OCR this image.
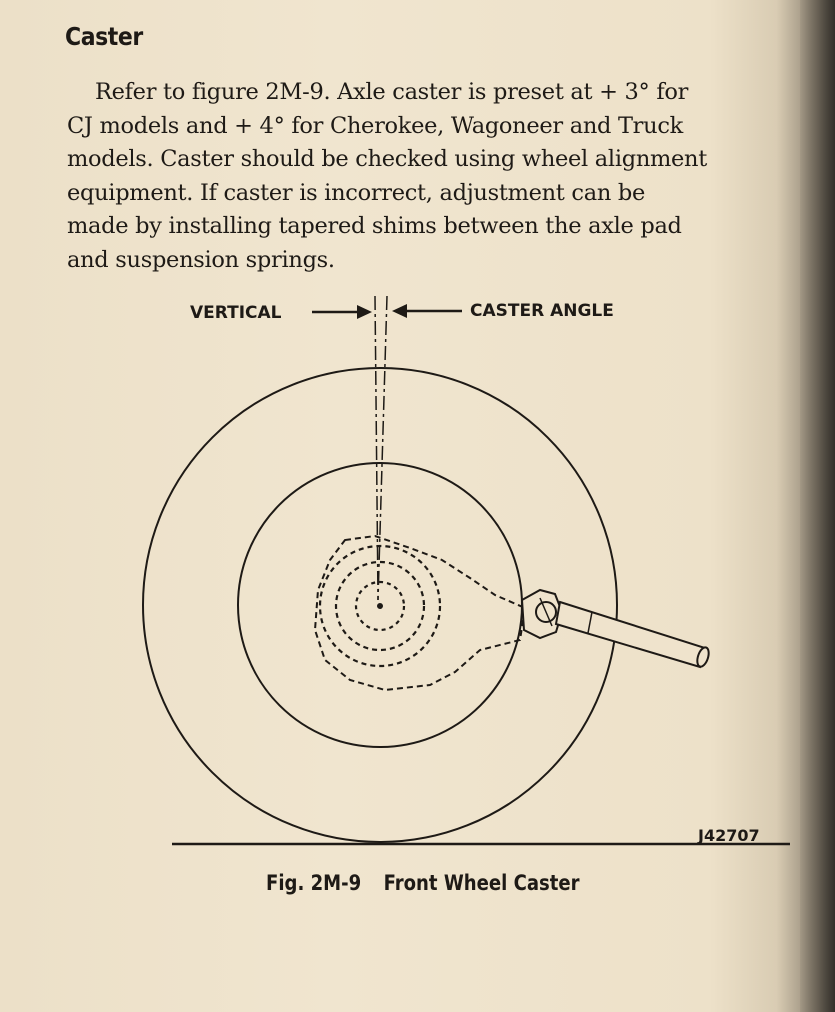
Caster

Refer to figure 2M-9. Axle caster is preset at + 3° for
CJ models and + 4° for Cherokee, Wagoneer and Truck
models. Caster should be checked using wheel alignment
equipment. If caster is incorrect, adjustment can be
made by installing tapered shims between the axle pad
and suspension springs.

VERTICAL	CASTER ANGLE

J42707

Fig. 2M-9 Front Wheel Caster
